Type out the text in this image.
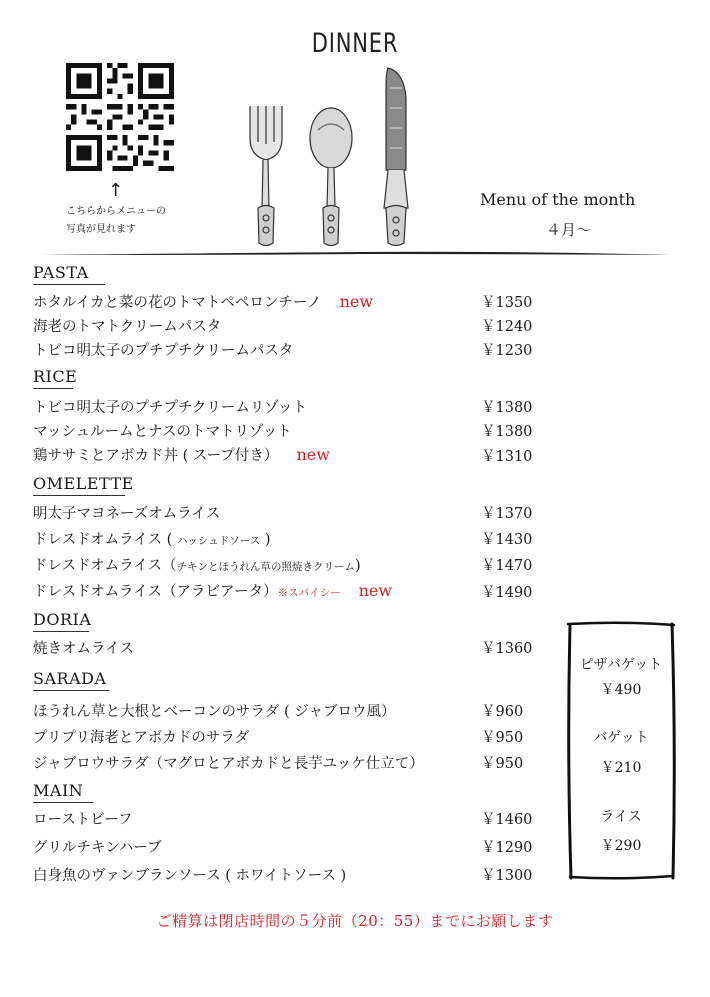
DINNER
↑
こちらからメニューの
写真が見れます
Menu of the month
４月～
PASTA
ホタルイカと菜の花のトマトペペロンチーノ new	￥1350
海老のトマトクリームパスタ	￥1240
トビコ明太子のプチプチクリームパスタ	￥1230
RICE
トビコ明太子のプチプチクリームリゾット	￥1380
マッシュルームとナスのトマトリゾット	￥1380
鶏ササミとアボカド丼 ( スープ付き） new	￥1310
OMELETTE
明太子マヨネーズオムライス	￥1370
ドレスドオムライス ( ハッシュドソース )	￥1430
ドレスドオムライス（チキンとほうれん草の照焼きクリーム)	￥1470
ドレスドオムライス（アラビアータ）※スパイシー new	￥1490
DORIA
焼きオムライス	￥1360
SARADA
ほうれん草と大根とベーコンのサラダ ( ジャブロウ風）	￥960
プリプリ海老とアボカドのサラダ	￥950
ジャブロウサラダ（マグロとアボカドと長芋ユッケ仕立て）	￥950
MAIN
ローストビーフ	￥1460
グリルチキンハーブ	￥1290
白身魚のヴァンブランソース ( ホワイトソース )	￥1300
ピザバゲット
￥490
バゲット
￥210
ライス
￥290
ご精算は閉店時間の５分前（20：55）までにお願します
